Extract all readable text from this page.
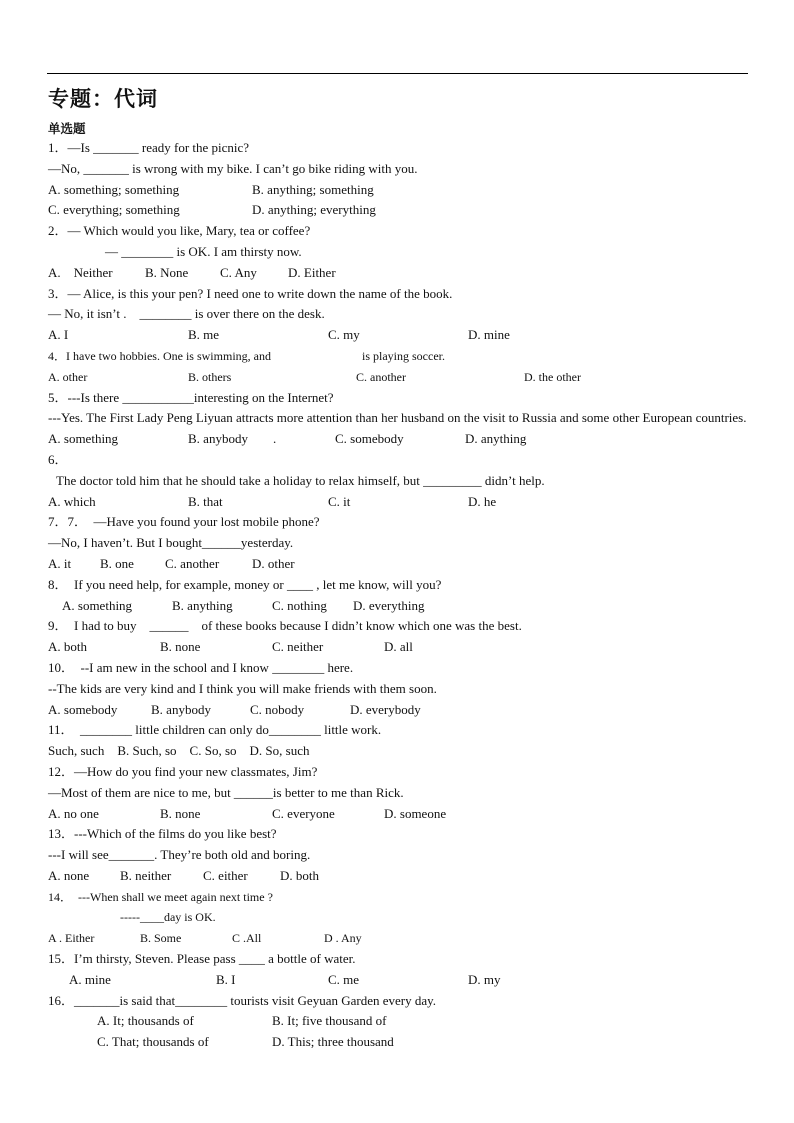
专题：代词
单选题
1．—Is _______ ready for the picnic?
—No, _______ is wrong with my bike. I can’t go bike riding with you.
A. something; something	B. anything; something
C. everything; something	D. anything; everything
2．— Which would you like, Mary, tea or coffee?
— ________ is OK. I am thirsty now.
A.　Neither B. None C. Any D. Either
3．— Alice, is this your pen? I need one to write down the name of the book.
— No, it isn’t .　________ is over there on the desk.
A. I	B. me	C. my	D. mine
4．I have two hobbies. One is swimming, and	is playing soccer.
A. other	B. others	C. another	D. the other
5．---Is there ___________interesting on the Internet?
---Yes. The First Lady Peng Liyuan attracts more attention than her husband on the visit to Russia and some other European countries.
A. something	B. anybody .	C. somebody	D. anything
6．
The doctor told him that he should take a holiday to relax himself, but _________ didn’t help.
A. which	B. that	C. it	D. he
7．7．　—Have you found your lost mobile phone?
—No, I haven’t. But I bought______yesterday.
A. it B. one C. another	D. other
8．　If you need help, for example, money or ____ , let me know, will you?
A. something	B. anything	C. nothing D. everything
9．　I had to buy　______　of these books because I didn’t know which one was the best.
A. both	B. none	C. neither	D. all
10．　--I am new in the school and I know ________ here.
--The kids are very kind and I think you will make friends with them soon.
A. somebody	B. anybody	C. nobody	D. everybody
11．　________ little children can only do________ little work.
Such, such　B. Such, so　C. So, so　D. So, such
12．—How do you find your new classmates, Jim?
—Most of them are nice to me, but ______is better to me than Rick.
A. no one	B. none	C. everyone	D. someone
13．---Which of the films do you like best?
---I will see_______. They’re both old and boring.
A. none B. neither C. either D. both
14．　---When shall we meet again next time ?
-----____day is OK.
A . Either	B. Some	C .All	D . Any
15．I’m thirsty, Steven. Please pass ____ a bottle of water.
A. mine	B. I	C. me	D. my
16．_______is said that________ tourists visit Geyuan Garden every day.
A. It; thousands of	B. It; five thousand of
C. That; thousands of	D. This; three thousand
